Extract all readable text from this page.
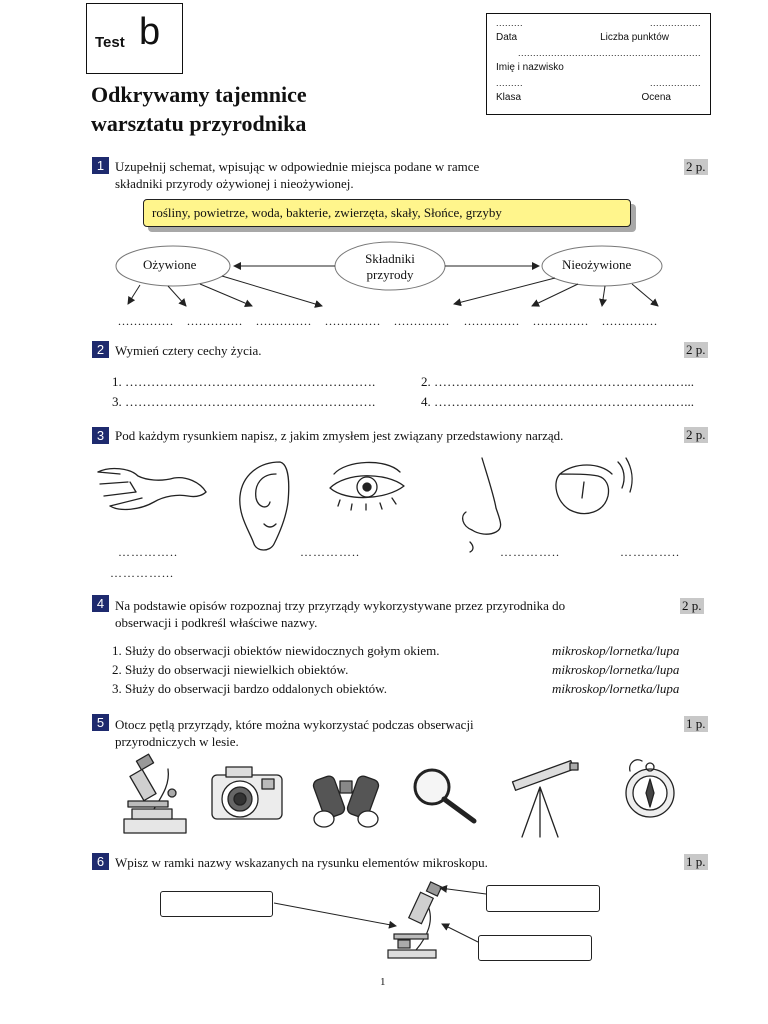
Test b	.........	.................
Data	Liczba punktów
.............................................................
Imię i nazwisko
.........	.................
Klasa	Ocena
Odkrywamy tajemnice
warsztatu przyrodnika
1 Uzupełnij schemat, wpisując w odpowiednie miejsca podane w ramce
składniki przyrody ożywionej i nieożywionej.
2 p.
rośliny, powietrze, woda, bakterie, zwierzęta, skały, Słońce, grzyby
Ożywione	Składniki
przyrody
Nieożywione
.............. .............. .............. .............. .............. .............. .............. ..............
2 Wymień cztery cechy życia.	2 p.
1. ………………………………………………….	2. ……………………………………………….…...
3. ………………………………………………….	4. ……………………………………………….…...
3 Pod każdym rysunkiem napisz, z jakim zmysłem jest związany przedstawiony narząd.	2 p.
…………..	…………..	…………..	…………..
…………...
4 Na podstawie opisów rozpoznaj trzy przyrządy wykorzystywane przez przyrodnika do
obserwacji i podkreśl właściwe nazwy.
2 p.
1. Służy do obserwacji obiektów niewidocznych gołym okiem.	mikroskop/lornetka/lupa
2. Służy do obserwacji niewielkich obiektów.	mikroskop/lornetka/lupa
3. Służy do obserwacji bardzo oddalonych obiektów.	mikroskop/lornetka/lupa
5 Otocz pętlą przyrządy, które można wykorzystać podczas obserwacji
przyrodniczych w lesie.
1 p.
6 Wpisz w ramki nazwy wskazanych na rysunku elementów mikroskopu.	1 p.
1
